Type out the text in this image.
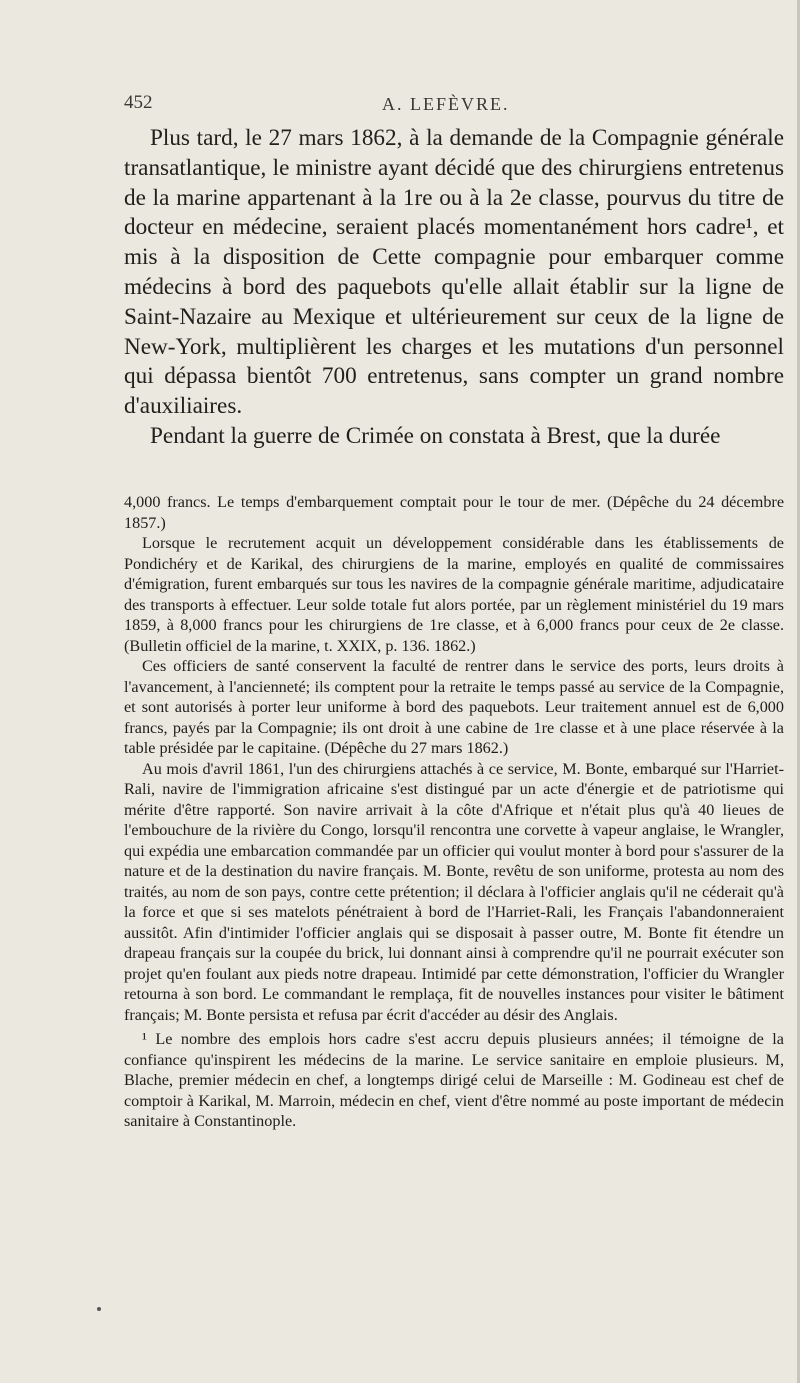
452	A. LEFÈVRE.

Plus tard, le 27 mars 1862, à la demande de la Compagnie générale transatlantique, le ministre ayant décidé que des chirurgiens entretenus de la marine appartenant à la 1re ou à la 2e classe, pourvus du titre de docteur en médecine, seraient placés momentanément hors cadre¹, et mis à la disposition de Cette compagnie pour embarquer comme médecins à bord des paquebots qu'elle allait établir sur la ligne de Saint-Nazaire au Mexique et ultérieurement sur ceux de la ligne de New-York, multiplièrent les charges et les mutations d'un personnel qui dépassa bientôt 700 entretenus, sans compter un grand nombre d'auxiliaires.

Pendant la guerre de Crimée on constata à Brest, que la durée

4,000 francs. Le temps d'embarquement comptait pour le tour de mer. (Dépêche du 24 décembre 1857.)

Lorsque le recrutement acquit un développement considérable dans les établissements de Pondichéry et de Karikal, des chirurgiens de la marine, employés en qualité de commissaires d'émigration, furent embarqués sur tous les navires de la compagnie générale maritime, adjudicataire des transports à effectuer. Leur solde totale fut alors portée, par un règlement ministériel du 19 mars 1859, à 8,000 francs pour les chirurgiens de 1re classe, et à 6,000 francs pour ceux de 2e classe. (Bulletin officiel de la marine, t. XXIX, p. 136. 1862.)

Ces officiers de santé conservent la faculté de rentrer dans le service des ports, leurs droits à l'avancement, à l'ancienneté; ils comptent pour la retraite le temps passé au service de la Compagnie, et sont autorisés à porter leur uniforme à bord des paquebots. Leur traitement annuel est de 6,000 francs, payés par la Compagnie; ils ont droit à une cabine de 1re classe et à une place réservée à la table présidée par le capitaine. (Dépêche du 27 mars 1862.)

Au mois d'avril 1861, l'un des chirurgiens attachés à ce service, M. Bonte, embarqué sur l'Harriet-Rali, navire de l'immigration africaine s'est distingué par un acte d'énergie et de patriotisme qui mérite d'être rapporté. Son navire arrivait à la côte d'Afrique et n'était plus qu'à 40 lieues de l'embouchure de la rivière du Congo, lorsqu'il rencontra une corvette à vapeur anglaise, le Wrangler, qui expédia une embarcation commandée par un officier qui voulut monter à bord pour s'assurer de la nature et de la destination du navire français. M. Bonte, revêtu de son uniforme, protesta au nom des traités, au nom de son pays, contre cette prétention; il déclara à l'officier anglais qu'il ne céderait qu'à la force et que si ses matelots pénétraient à bord de l'Harriet-Rali, les Français l'abandonneraient aussitôt. Afin d'intimider l'officier anglais qui se disposait à passer outre, M. Bonte fit étendre un drapeau français sur la coupée du brick, lui donnant ainsi à comprendre qu'il ne pourrait exécuter son projet qu'en foulant aux pieds notre drapeau. Intimidé par cette démonstration, l'officier du Wrangler retourna à son bord. Le commandant le remplaça, fit de nouvelles instances pour visiter le bâtiment français; M. Bonte persista et refusa par écrit d'accéder au désir des Anglais.

¹ Le nombre des emplois hors cadre s'est accru depuis plusieurs années; il témoigne de la confiance qu'inspirent les médecins de la marine. Le service sanitaire en emploie plusieurs. M, Blache, premier médecin en chef, a longtemps dirigé celui de Marseille : M. Godineau est chef de comptoir à Karikal, M. Marroin, médecin en chef, vient d'être nommé au poste important de médecin sanitaire à Constantinople.
